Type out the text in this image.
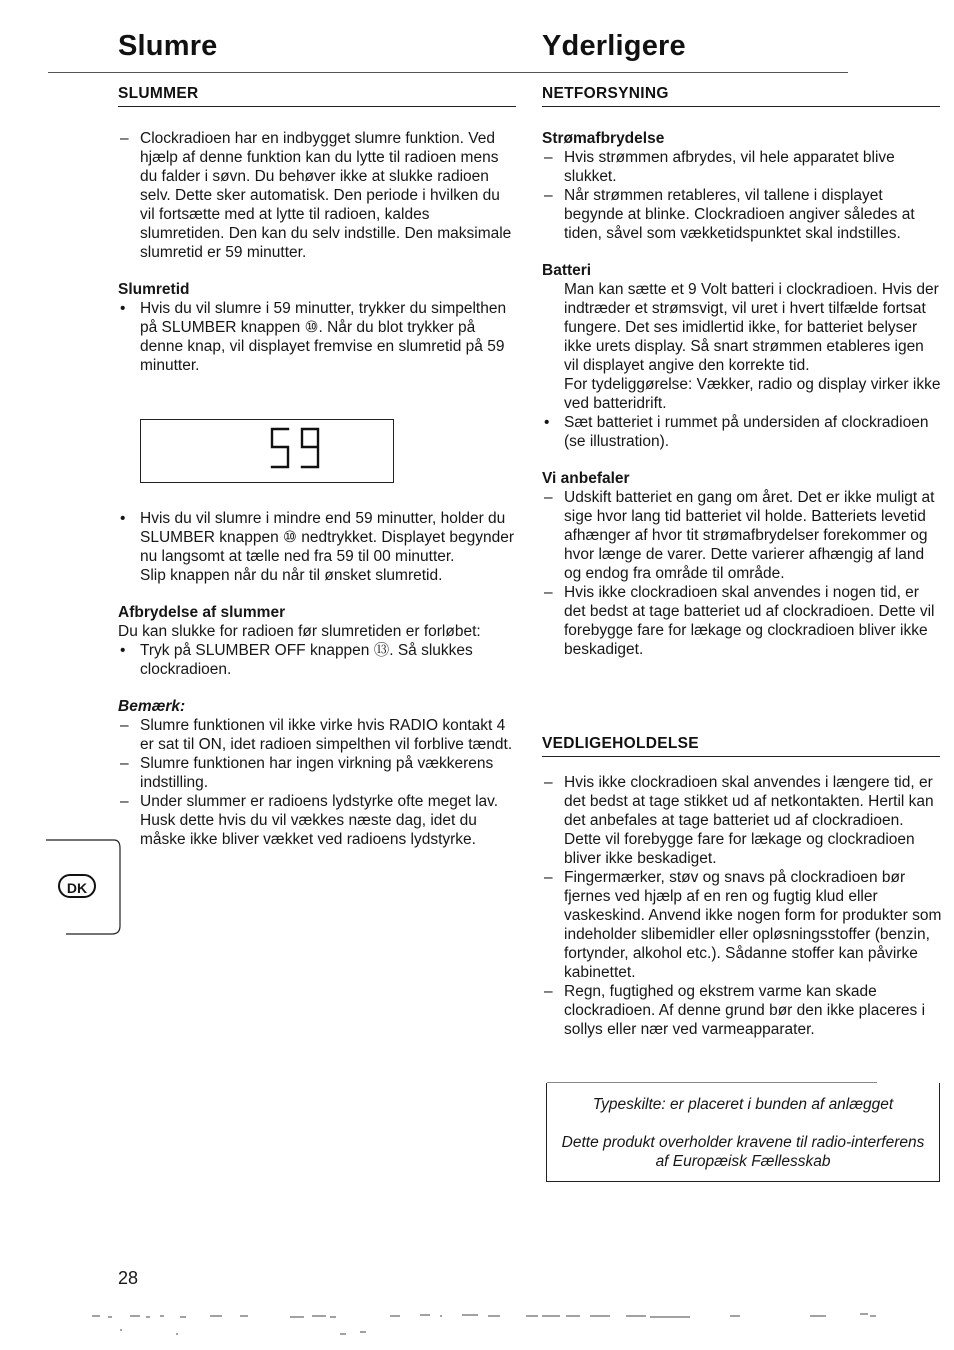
Slumre	Yderligere
SLUMMER
– Clockradioen har en indbygget slumre funktion. Ved hjælp af denne funktion kan du lytte til radioen mens du falder i søvn. Du behøver ikke at slukke radioen selv. Dette sker automatisk. Den periode i hvilken du vil fortsætte med at lytte til radioen, kaldes slumretiden. Den kan du selv indstille. Den maksimale slumretid er 59 minutter.

Slumretid

• Hvis du vil slumre i 59 minutter, trykker du simpelthen på SLUMBER knappen ⑩. Når du blot trykker på denne knap, vil displayet fremvise en slumretid på 59 minutter.
• Hvis du vil slumre i mindre end 59 minutter, holder du SLUMBER knappen ⑩ nedtrykket. Displayet begynder nu langsomt at tælle ned fra 59 til 00 minutter.
Slip knappen når du når til ønsket slumretid.

Afbrydelse af slummer

Du kan slukke for radioen før slumretiden er forløbet:

• Tryk på SLUMBER OFF knappen ⑬. Så slukkes clockradioen.

Bemærk:

– Slumre funktionen vil ikke virke hvis RADIO kontakt 4 er sat til ON, idet radioen simpelthen vil forblive tændt.
– Slumre funktionen har ingen virkning på vækkerens indstilling.
– Under slummer er radioens lydstyrke ofte meget lav. Husk dette hvis du vil vækkes næste dag, idet du måske ikke bliver vækket ved radioens lydstyrke.
DK
NETFORSYNING

Strømafbrydelse

– Hvis strømmen afbrydes, vil hele apparatet blive slukket.
– Når strømmen retableres, vil tallene i displayet begynde at blinke. Clockradioen angiver således at tiden, såvel som vækketidspunktet skal indstilles.

Batteri

Man kan sætte et 9 Volt batteri i clockradioen. Hvis der indtræder et strømsvigt, vil uret i hvert tilfælde fortsat fungere. Det ses imidlertid ikke, for batteriet belyser ikke urets display. Så snart strømmen etableres igen vil displayet angive den korrekte tid.
For tydeliggørelse: Vækker, radio og display virker ikke ved batteridrift.
• Sæt batteriet i rummet på undersiden af clockradioen (se illustration).

Vi anbefaler

– Udskift batteriet en gang om året. Det er ikke muligt at sige hvor lang tid batteriet vil holde. Batteriets levetid afhænger af hvor tit strømafbrydelser forekommer og hvor længe de varer. Dette varierer afhængig af land og endog fra område til område.
– Hvis ikke clockradioen skal anvendes i nogen tid, er det bedst at tage batteriet ud af clockradioen. Dette vil forebygge fare for lækage og clockradioen bliver ikke beskadiget.
VEDLIGEHOLDELSE
– Hvis ikke clockradioen skal anvendes i længere tid, er det bedst at tage stikket ud af netkontakten. Hertil kan det anbefales at tage batteriet ud af clockradioen. Dette vil forebygge fare for lækage og clockradioen bliver ikke beskadiget.
– Fingermærker, støv og snavs på clockradioen bør fjernes ved hjælp af en ren og fugtig klud eller vaskeskind. Anvend ikke nogen form for produkter som indeholder slibemidler eller opløsningsstoffer (benzin, fortynder, alkohol etc.). Sådanne stoffer kan påvirke kabinettet.
– Regn, fugtighed og ekstrem varme kan skade clockradioen. Af denne grund bør den ikke placeres i sollys eller nær ved varmeapparater.
Typeskilte: er placeret i bunden af anlægget
Dette produkt overholder kravene til radio-interferens af Europæisk Fællesskab
28
